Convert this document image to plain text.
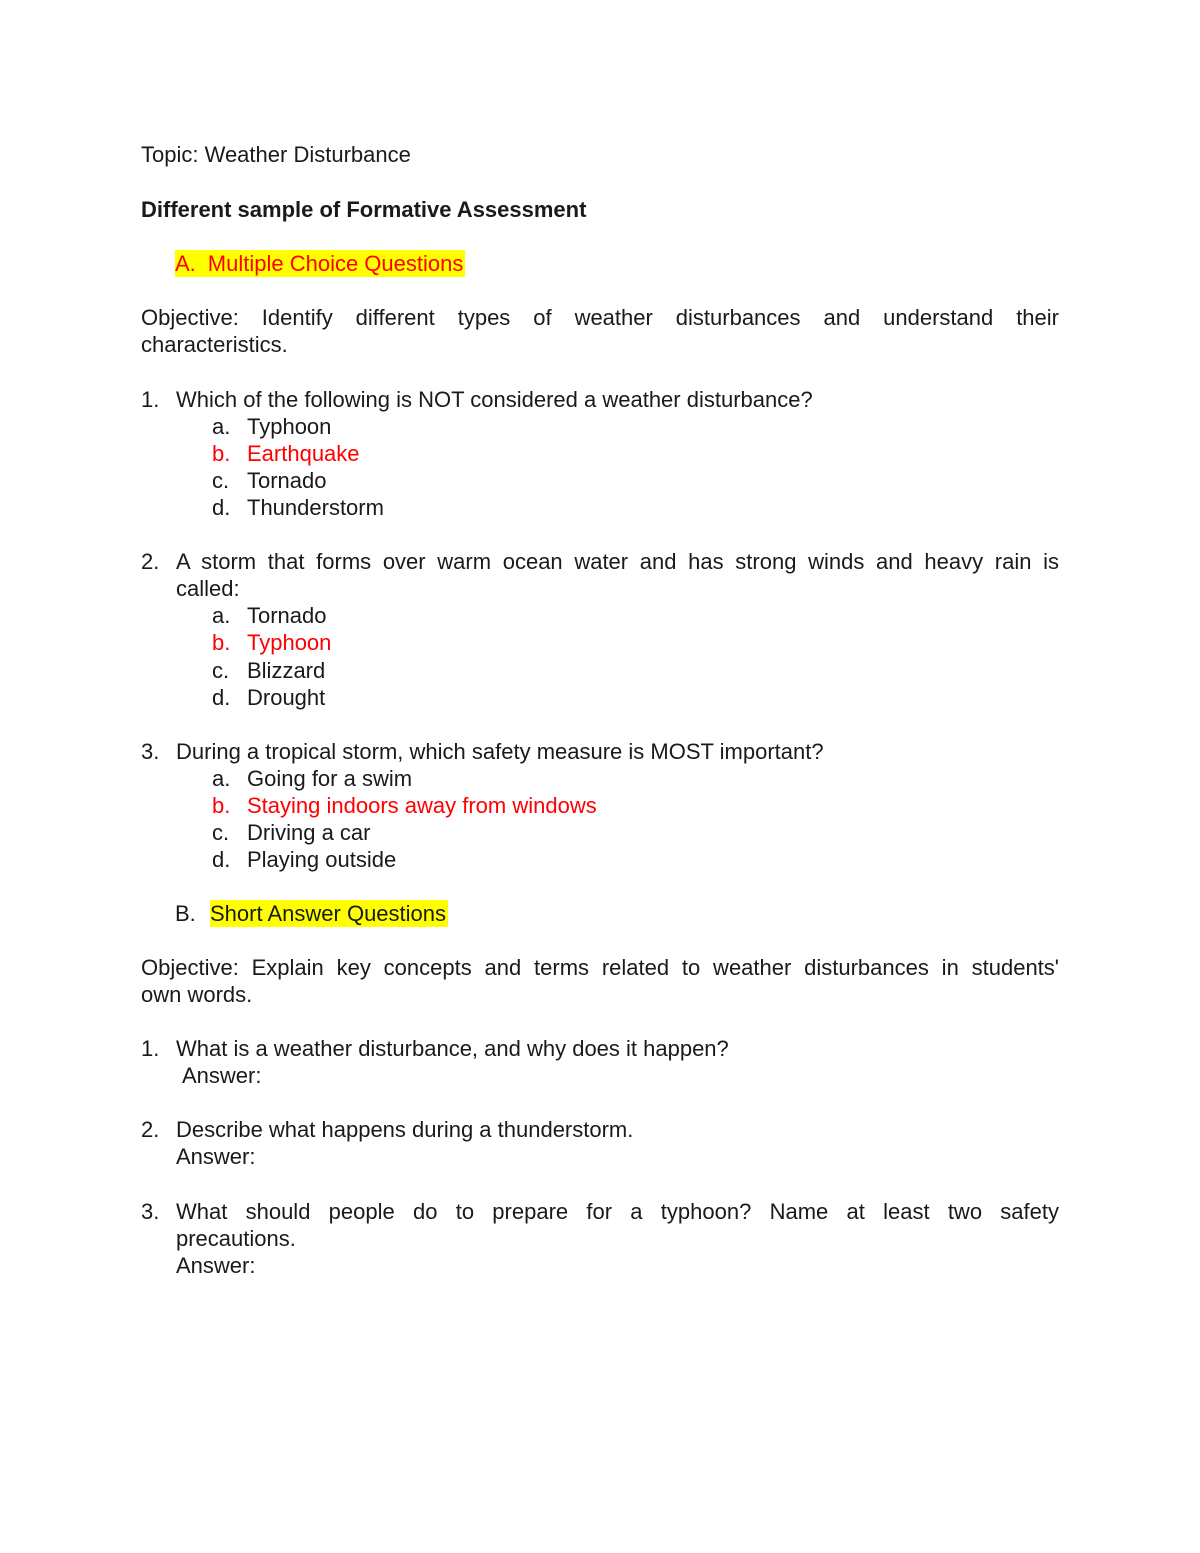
Topic: Weather Disturbance
Different sample of Formative Assessment
A. Multiple Choice Questions
Objective: Identify different types of weather disturbances and understand their
characteristics.
1. Which of the following is NOT considered a weather disturbance?
a. Typhoon
b. Earthquake
c. Tornado
d. Thunderstorm
2. A storm that forms over warm ocean water and has strong winds and heavy rain is
called:
a. Tornado
b. Typhoon
c. Blizzard
d. Drought
3. During a tropical storm, which safety measure is MOST important?
a. Going for a swim
b. Staying indoors away from windows
c. Driving a car
d. Playing outside
B. Short Answer Questions
Objective: Explain key concepts and terms related to weather disturbances in students'
own words.
1. What is a weather disturbance, and why does it happen?
Answer:
2. Describe what happens during a thunderstorm.
Answer:
3. What should people do to prepare for a typhoon? Name at least two safety
precautions.
Answer:
